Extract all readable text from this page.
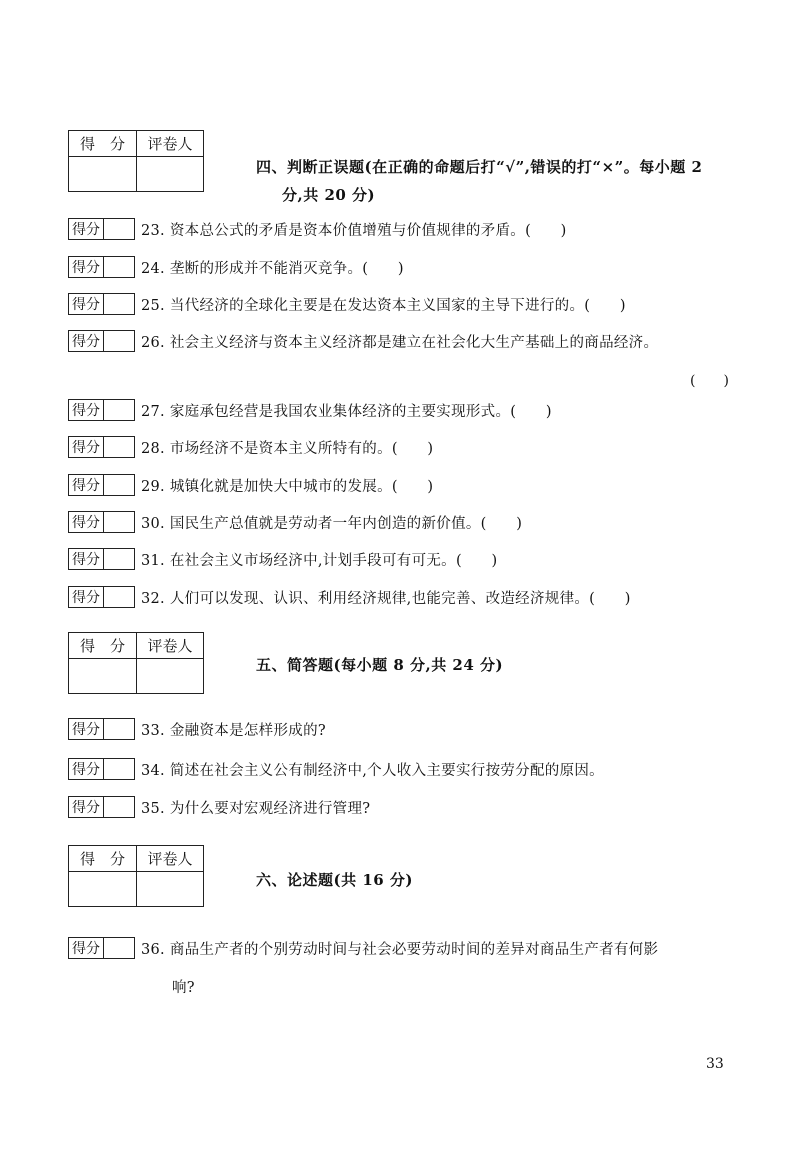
得　分	评卷人
四、判断正误题(在正确的命题后打“√”,错误的打“×”。每小题 2
分,共 20 分)
得分	23. 资本总公式的矛盾是资本价值增殖与价值规律的矛盾。(　　)
得分	24. 垄断的形成并不能消灭竞争。(　　)
得分	25. 当代经济的全球化主要是在发达资本主义国家的主导下进行的。(　　)
得分	26. 社会主义经济与资本主义经济都是建立在社会化大生产基础上的商品经济。
(　　)
得分	27. 家庭承包经营是我国农业集体经济的主要实现形式。(　　)
得分	28. 市场经济不是资本主义所特有的。(　　)
得分	29. 城镇化就是加快大中城市的发展。(　　)
得分	30. 国民生产总值就是劳动者一年内创造的新价值。(　　)
得分	31. 在社会主义市场经济中,计划手段可有可无。(　　)
得分	32. 人们可以发现、认识、利用经济规律,也能完善、改造经济规律。(　　)
得　分	评卷人
五、简答题(每小题 8 分,共 24 分)
得分	33. 金融资本是怎样形成的?
得分	34. 简述在社会主义公有制经济中,个人收入主要实行按劳分配的原因。
得分	35. 为什么要对宏观经济进行管理?
得　分	评卷人
六、论述题(共 16 分)
得分	36. 商品生产者的个别劳动时间与社会必要劳动时间的差异对商品生产者有何影
响?
33
